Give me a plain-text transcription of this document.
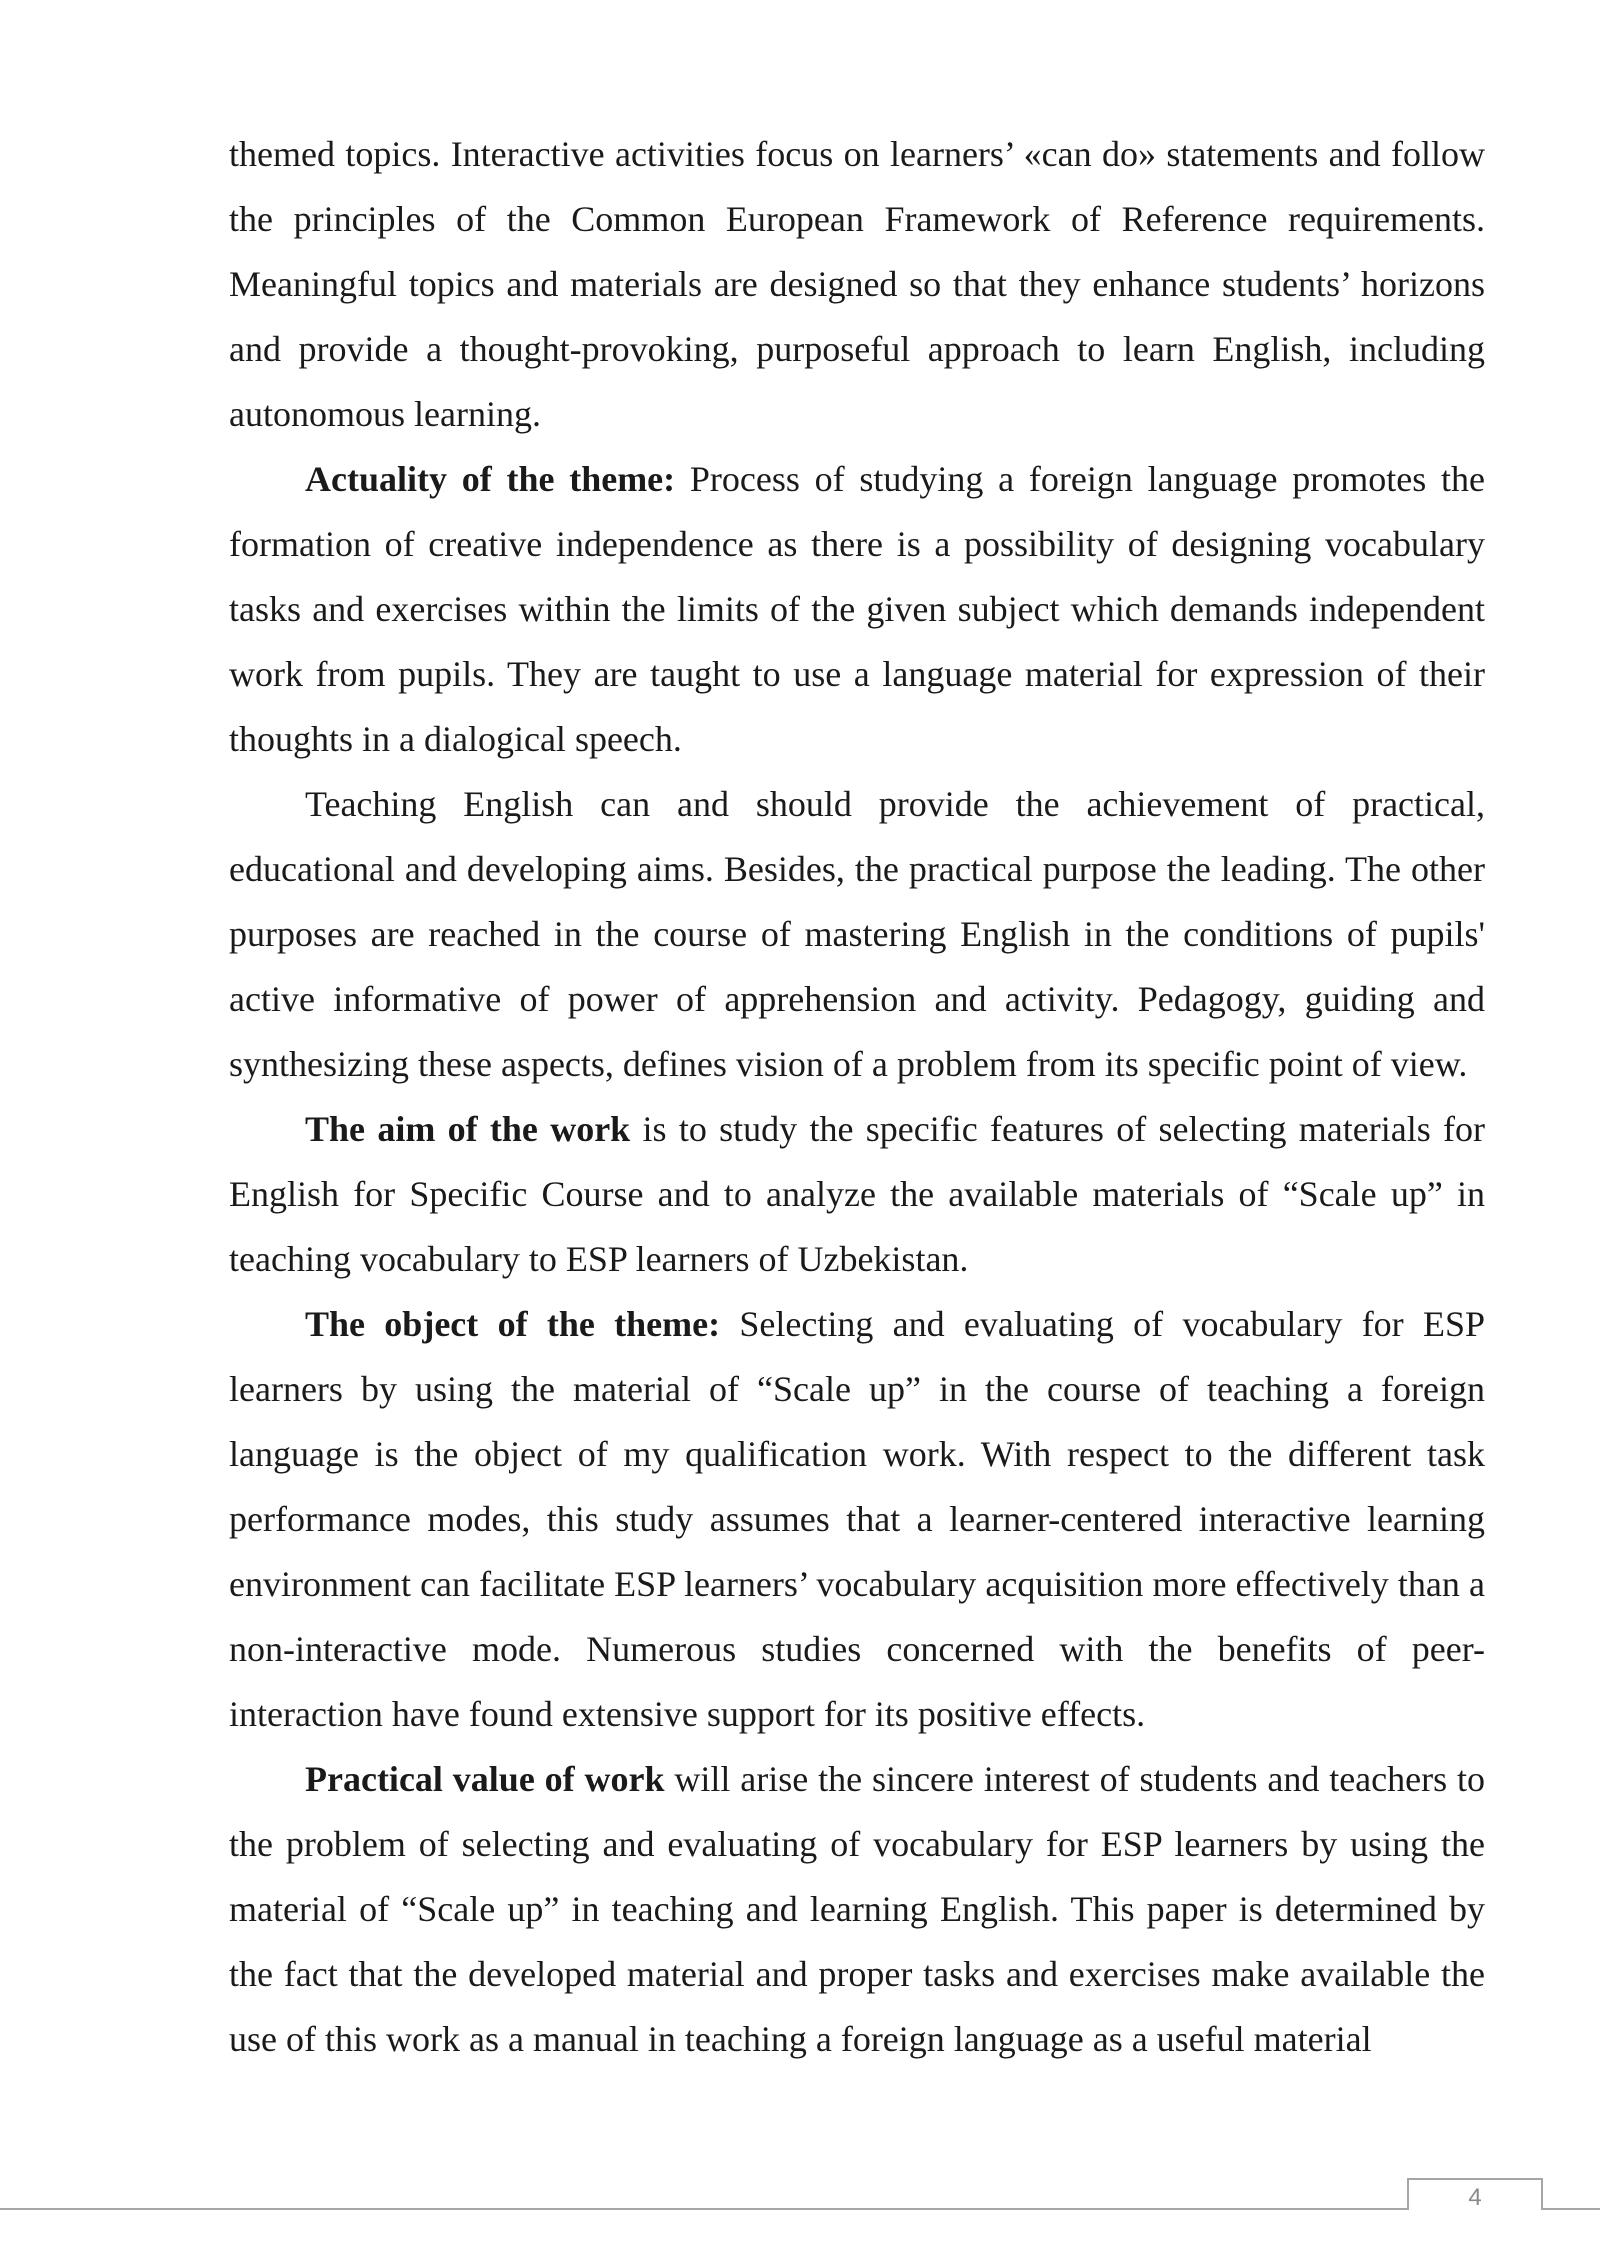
themed topics. Interactive activities focus on learners’ «can do» statements and follow the principles of the Common European Framework of Reference requirements. Meaningful topics and materials are designed so that they enhance students’ horizons and provide a thought-provoking, purposeful approach to learn English, including autonomous learning.

Actuality of the theme: Process of studying a foreign language promotes the formation of creative independence as there is a possibility of designing vocabulary tasks and exercises within the limits of the given subject which demands independent work from pupils. They are taught to use a language material for expression of their thoughts in a dialogical speech.

Teaching English can and should provide the achievement of practical, educational and developing aims. Besides, the practical purpose the leading. The other purposes are reached in the course of mastering English in the conditions of pupils' active informative of power of apprehension and activity. Pedagogy, guiding and synthesizing these aspects, defines vision of a problem from its specific point of view.

The aim of the work is to study the specific features of selecting materials for English for Specific Course and to analyze the available materials of “Scale up” in teaching vocabulary to ESP learners of Uzbekistan.

The object of the theme: Selecting and evaluating of vocabulary for ESP learners by using the material of “Scale up” in the course of teaching a foreign language is the object of my qualification work. With respect to the different task performance modes, this study assumes that a learner-centered interactive learning environment can facilitate ESP learners’ vocabulary acquisition more effectively than a non-interactive mode. Numerous studies concerned with the benefits of peer-interaction have found extensive support for its positive effects.

Practical value of work will arise the sincere interest of students and teachers to the problem of selecting and evaluating of vocabulary for ESP learners by using the material of “Scale up” in teaching and learning English. This paper is determined by the fact that the developed material and proper tasks and exercises make available the use of this work as a manual in teaching a foreign language as a useful material

4
